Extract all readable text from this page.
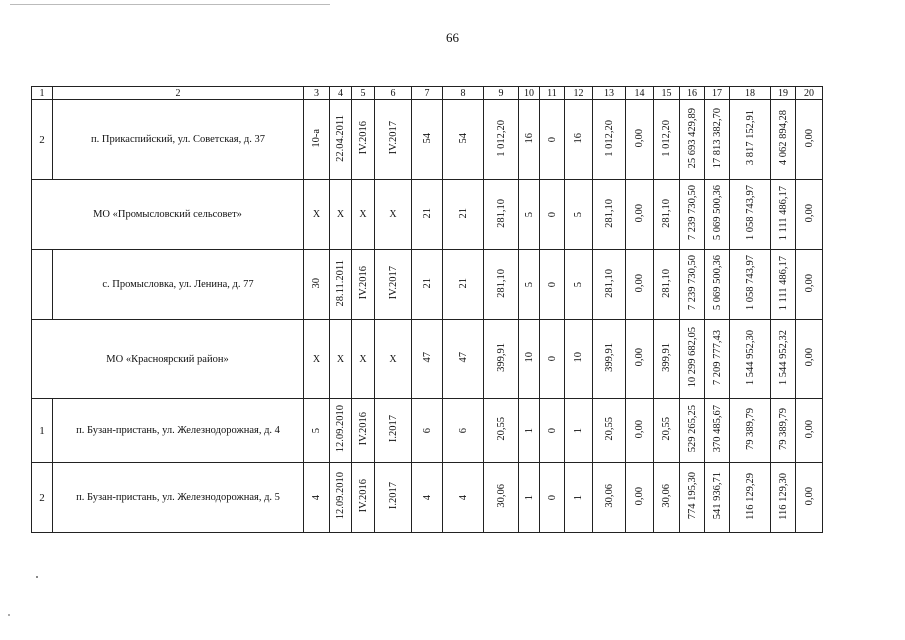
66
1	2	3	4	5	6	7	8	9	10	11	12	13	14	15	16	17	18	19	20
2	п. Прикаспийский, ул. Советская, д. 37	10-а	22.04.2011	IV.2016	IV.2017	54	54	1 012,20	16	0	16	1 012,20	0,00	1 012,20	25 693 429,89	17 813 382,70	3 817 152,91	4 062 894,28	0,00
МО «Промысловский сельсовет»		Х	Х	Х	Х	21	21	281,10	5	0	5	281,10	0,00	281,10	7 239 730,50	5 069 500,36	1 058 743,97	1 111 486,17	0,00
	с. Промысловка, ул. Ленина, д. 77	30	28.11.2011	IV.2016	IV.2017	21	21	281,10	5	0	5	281,10	0,00	281,10	7 239 730,50	5 069 500,36	1 058 743,97	1 111 486,17	0,00
МО «Красноярский район»		Х	Х	Х	Х	47	47	399,91	10	0	10	399,91	0,00	399,91	10 299 682,05	7 209 777,43	1 544 952,30	1 544 952,32	0,00
1	п. Бузан-пристань, ул. Железнодорожная, д. 4	5	12.09.2010	IV.2016	I.2017	6	6	20,55	1	0	1	20,55	0,00	20,55	529 265,25	370 485,67	79 389,79	79 389,79	0,00
2	п. Бузан-пристань, ул. Железнодорожная, д. 5	4	12.09.2010	IV.2016	I.2017	4	4	30,06	1	0	1	30,06	0,00	30,06	774 195,30	541 936,71	116 129,29	116 129,30	0,00
